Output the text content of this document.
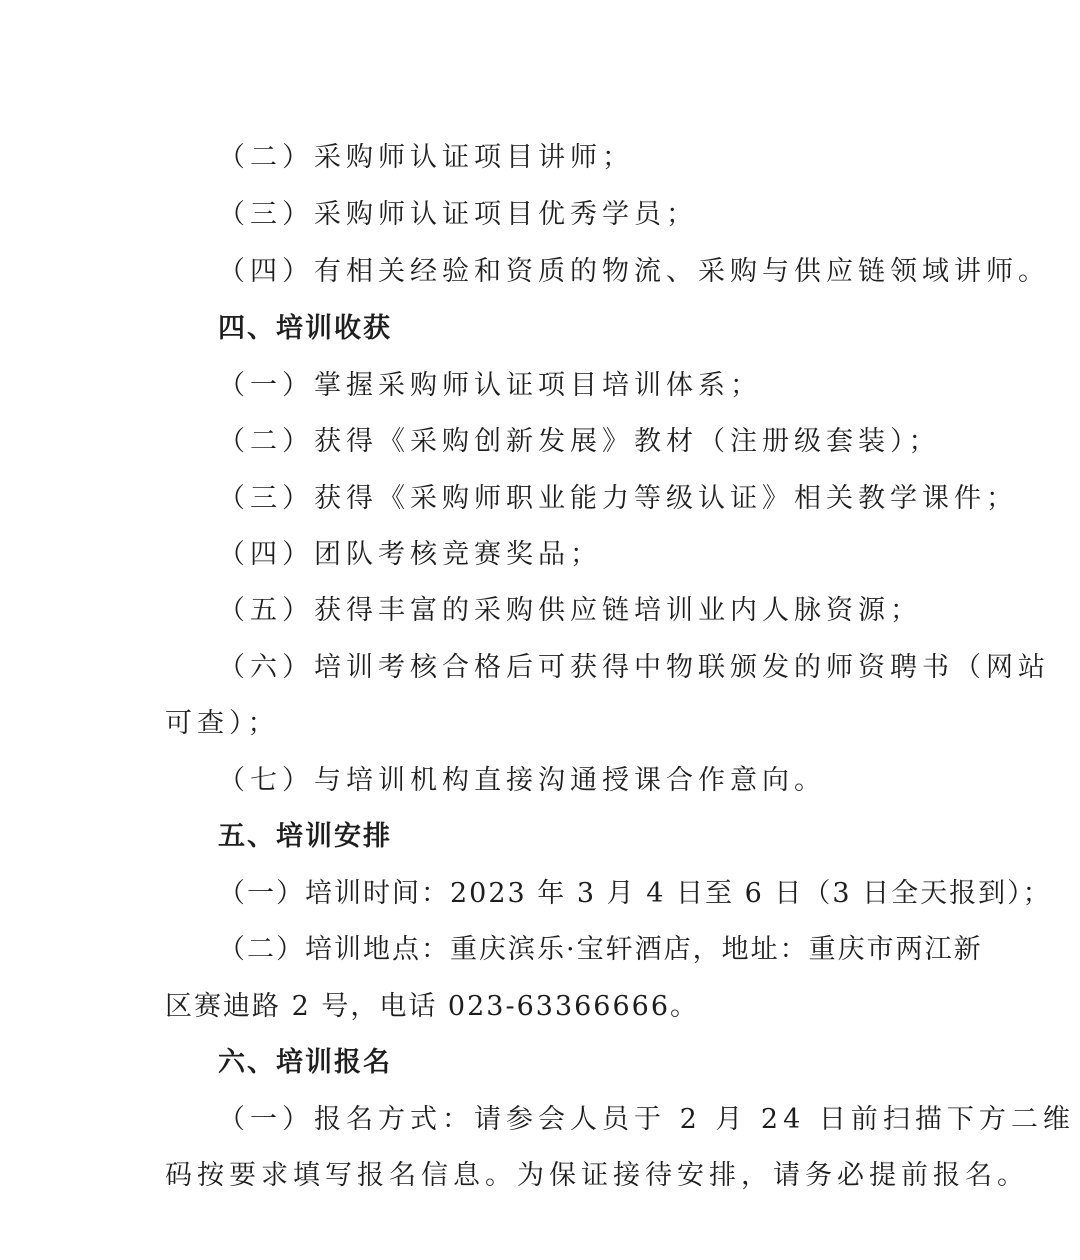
（二）采购师认证项目讲师；
（三）采购师认证项目优秀学员；
（四）有相关经验和资质的物流、采购与供应链领域讲师。
四、培训收获
（一）掌握采购师认证项目培训体系；
（二）获得《采购创新发展》教材（注册级套装）；
（三）获得《采购师职业能力等级认证》相关教学课件；
（四）团队考核竞赛奖品；
（五）获得丰富的采购供应链培训业内人脉资源；
（六）培训考核合格后可获得中物联颁发的师资聘书（网站
可查）；
（七）与培训机构直接沟通授课合作意向。
五、培训安排
（一）培训时间：2023 年 3 月 4 日至 6 日（3 日全天报到）；
（二）培训地点：重庆滨乐·宝轩酒店，地址：重庆市两江新
区赛迪路 2 号，电话 023-63366666。
六、培训报名
（一）报名方式：请参会人员于 2 月 24 日前扫描下方二维
码按要求填写报名信息。为保证接待安排，请务必提前报名。
